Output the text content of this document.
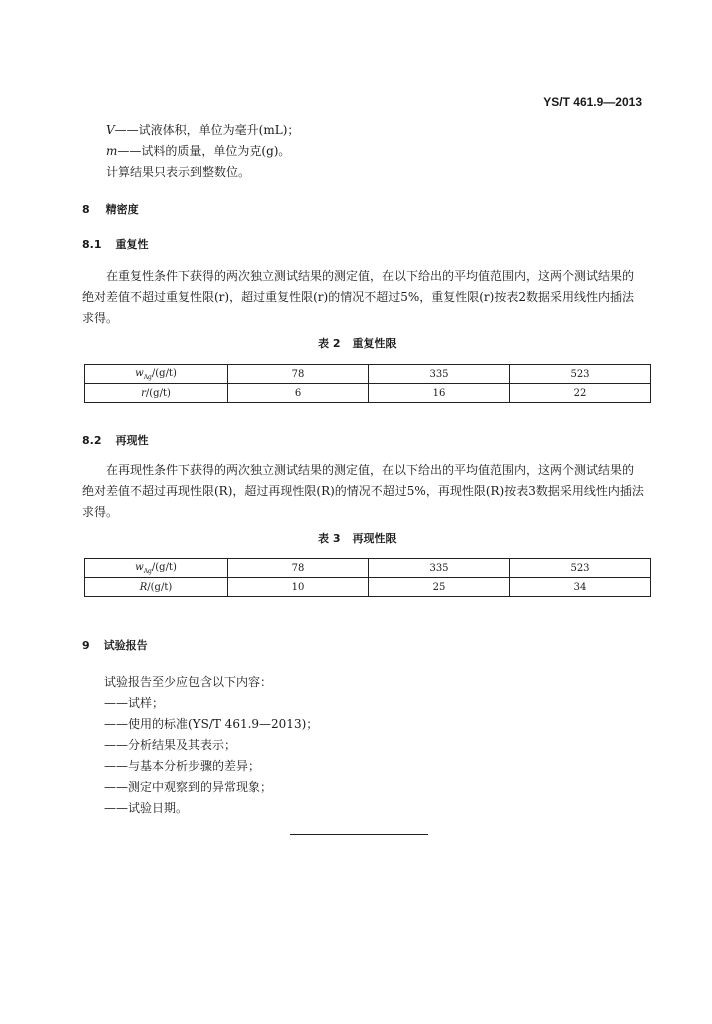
YS/T 461.9—2013
V——试液体积，单位为毫升(mL)；
m——试料的质量，单位为克(g)。
计算结果只表示到整数位。
8 精密度
8.1 重复性
在重复性条件下获得的两次独立测试结果的测定值，在以下给出的平均值范围内，这两个测试结果的绝对差值不超过重复性限(r)，超过重复性限(r)的情况不超过5%，重复性限(r)按表2数据采用线性内插法求得。
表 2 重复性限
$w_{Ag}/(g/t)$	78	335	523
r/(g/t)	6	16	22
8.2 再现性
在再现性条件下获得的两次独立测试结果的测定值，在以下给出的平均值范围内，这两个测试结果的绝对差值不超过再现性限(R)，超过再现性限(R)的情况不超过5%，再现性限(R)按表3数据采用线性内插法求得。
表 3 再现性限
$w_{Ag}/(g/t)$	78	335	523
R/(g/t)	10	25	34
9 试验报告
试验报告至少应包含以下内容：
——试样；
——使用的标准(YS/T 461.9—2013)；
——分析结果及其表示；
——与基本分析步骤的差异；
——测定中观察到的异常现象；
——试验日期。
